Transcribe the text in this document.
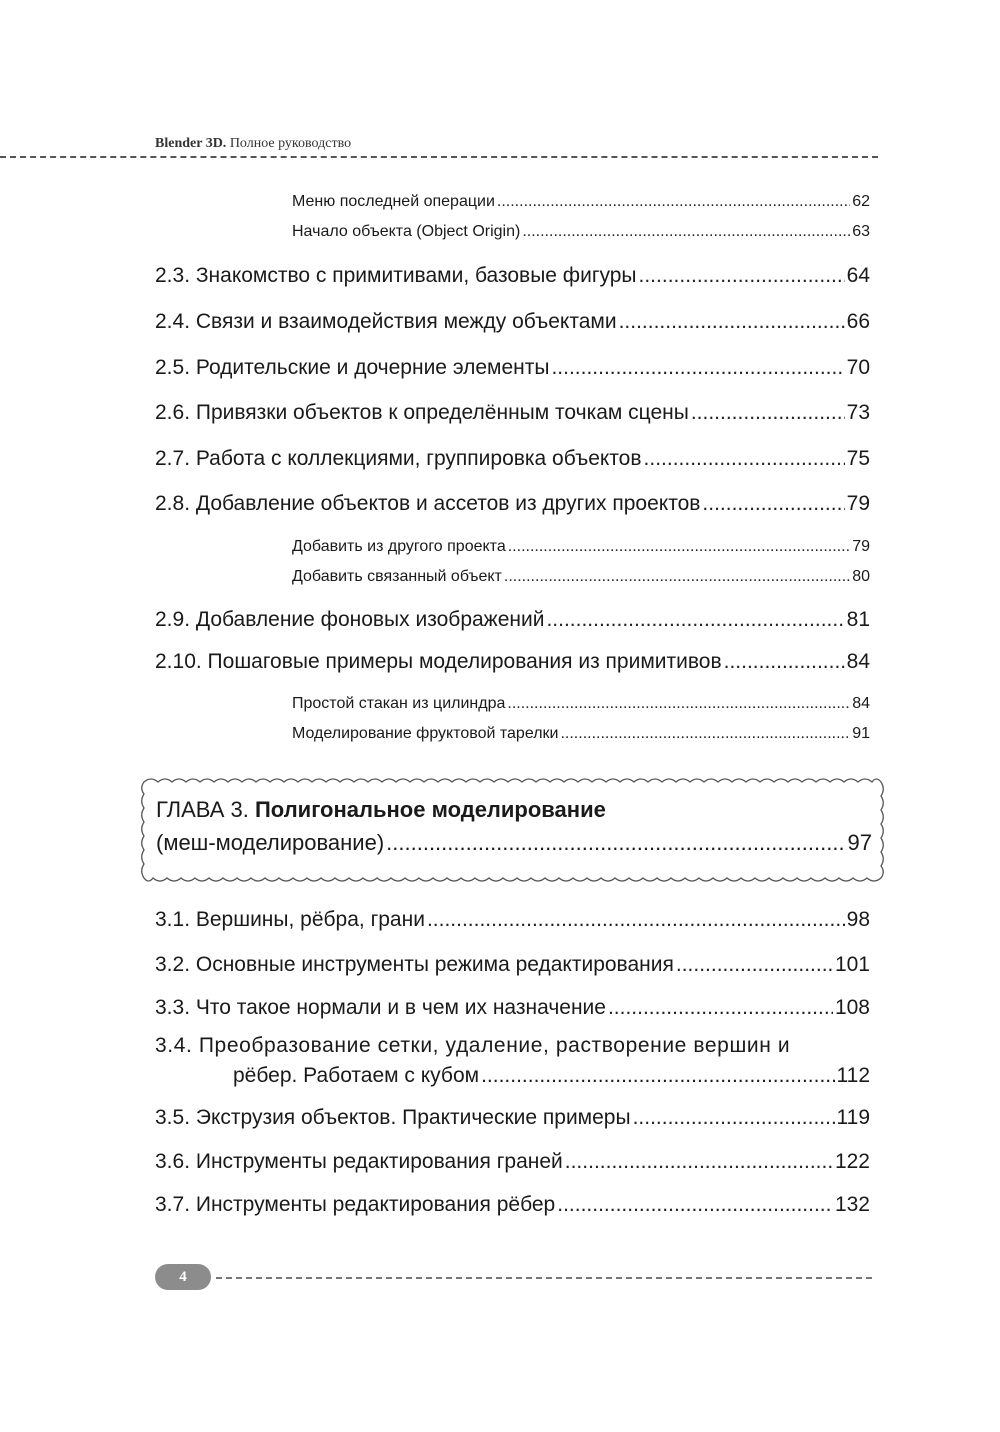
Blender 3D. Полное руководство
Меню последней операции .....	62
Начало объекта (Object Origin) .....	63
2.3. Знакомство с примитивами, базовые фигуры .....	64
2.4. Связи и взаимодействия между объектами .....	66
2.5. Родительские и дочерние элементы .....	70
2.6. Привязки объектов к определённым точкам сцены .....	73
2.7. Работа с коллекциями, группировка объектов .....	75
2.8. Добавление объектов и ассетов из других проектов .....	79
Добавить из другого проекта .....	79
Добавить связанный объект .....	80
2.9. Добавление фоновых изображений .....	81
2.10. Пошаговые примеры моделирования из примитивов .....	84
Простой стакан из цилиндра .....	84
Моделирование фруктовой тарелки .....	91
ГЛАВА 3. Полигональное моделирование
(меш-моделирование) .....	97
3.1. Вершины, рёбра, грани .....	98
3.2. Основные инструменты режима редактирования .....	101
3.3. Что такое нормали и в чем их назначение .....	108
3.4. Преобразование сетки, удаление, растворение вершин и
рёбер. Работаем с кубом .....	112
3.5. Экструзия объектов. Практические примеры .....	119
3.6. Инструменты редактирования граней .....	122
3.7. Инструменты редактирования рёбер .....	132
4
